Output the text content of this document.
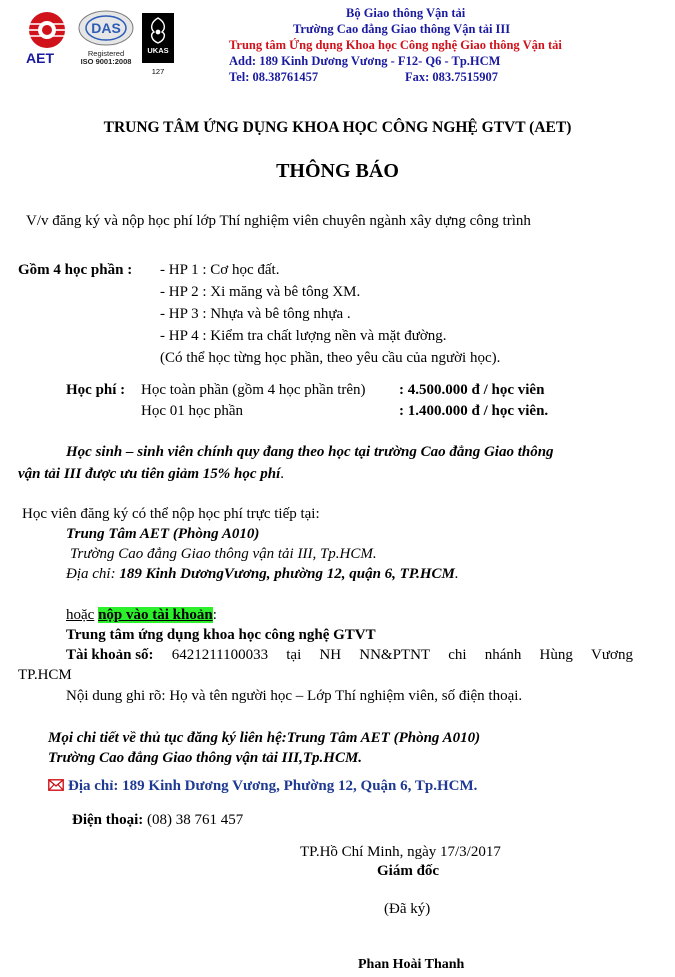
AET
DAS
Registered
ISO 9001:2008
UKAS
127
Bộ Giao thông Vận tải
Trường Cao đẳng Giao thông Vận tải III
Trung tâm Ứng dụng Khoa học Công nghệ Giao thông Vận tải
Add: 189 Kinh Dương Vương - F12- Q6 - Tp.HCM
Tel: 08.38761457	Fax: 083.7515907
TRUNG TÂM ỨNG DỤNG KHOA HỌC CÔNG NGHỆ GTVT (AET)
THÔNG BÁO
V/v đăng ký và nộp học phí lớp Thí nghiệm viên chuyên ngành xây dựng công trình
Gồm 4 học phần : - HP 1 : Cơ học đất.
- HP 2 : Xi măng và bê tông XM.
- HP 3 : Nhựa và bê tông nhựa .
- HP 4 : Kiểm tra chất lượng nền và mặt đường.
(Có thể học từng học phần, theo yêu cầu của người học).
Học phí : Học toàn phần (gồm 4 học phần trên) : 4.500.000 đ / học viên
Học 01 học phần	: 1.400.000 đ / học viên.
Học sinh – sinh viên chính quy đang theo học tại trường Cao đẳng Giao thông
vận tải III được ưu tiên giảm 15% học phí.
Học viên đăng ký có thể nộp học phí trực tiếp tại:
Trung Tâm AET (Phòng A010)
Trường Cao đẳng Giao thông vận tải III, Tp.HCM.
Địa chỉ: 189 Kinh DươngVương, phường 12, quận 6, TP.HCM.
hoặc nộp vào tài khoản:
Trung tâm ứng dụng khoa học công nghệ GTVT
Tài khoản số: 6421211100033 tại NH NN&PTNT chi nhánh Hùng Vương
TP.HCM
Nội dung ghi rõ: Họ và tên người học – Lớp Thí nghiệm viên, số điện thoại.
Mọi chi tiết về thủ tục đăng ký liên hệ:Trung Tâm AET (Phòng A010)
Trường Cao đẳng Giao thông vận tải III,Tp.HCM.
Địa chỉ: 189 Kinh Dương Vương, Phường 12, Quận 6, Tp.HCM.
Điện thoại: (08) 38 761 457
TP.Hồ Chí Minh, ngày 17/3/2017
Giám đốc
(Đã ký)
Phan Hoài Thanh
